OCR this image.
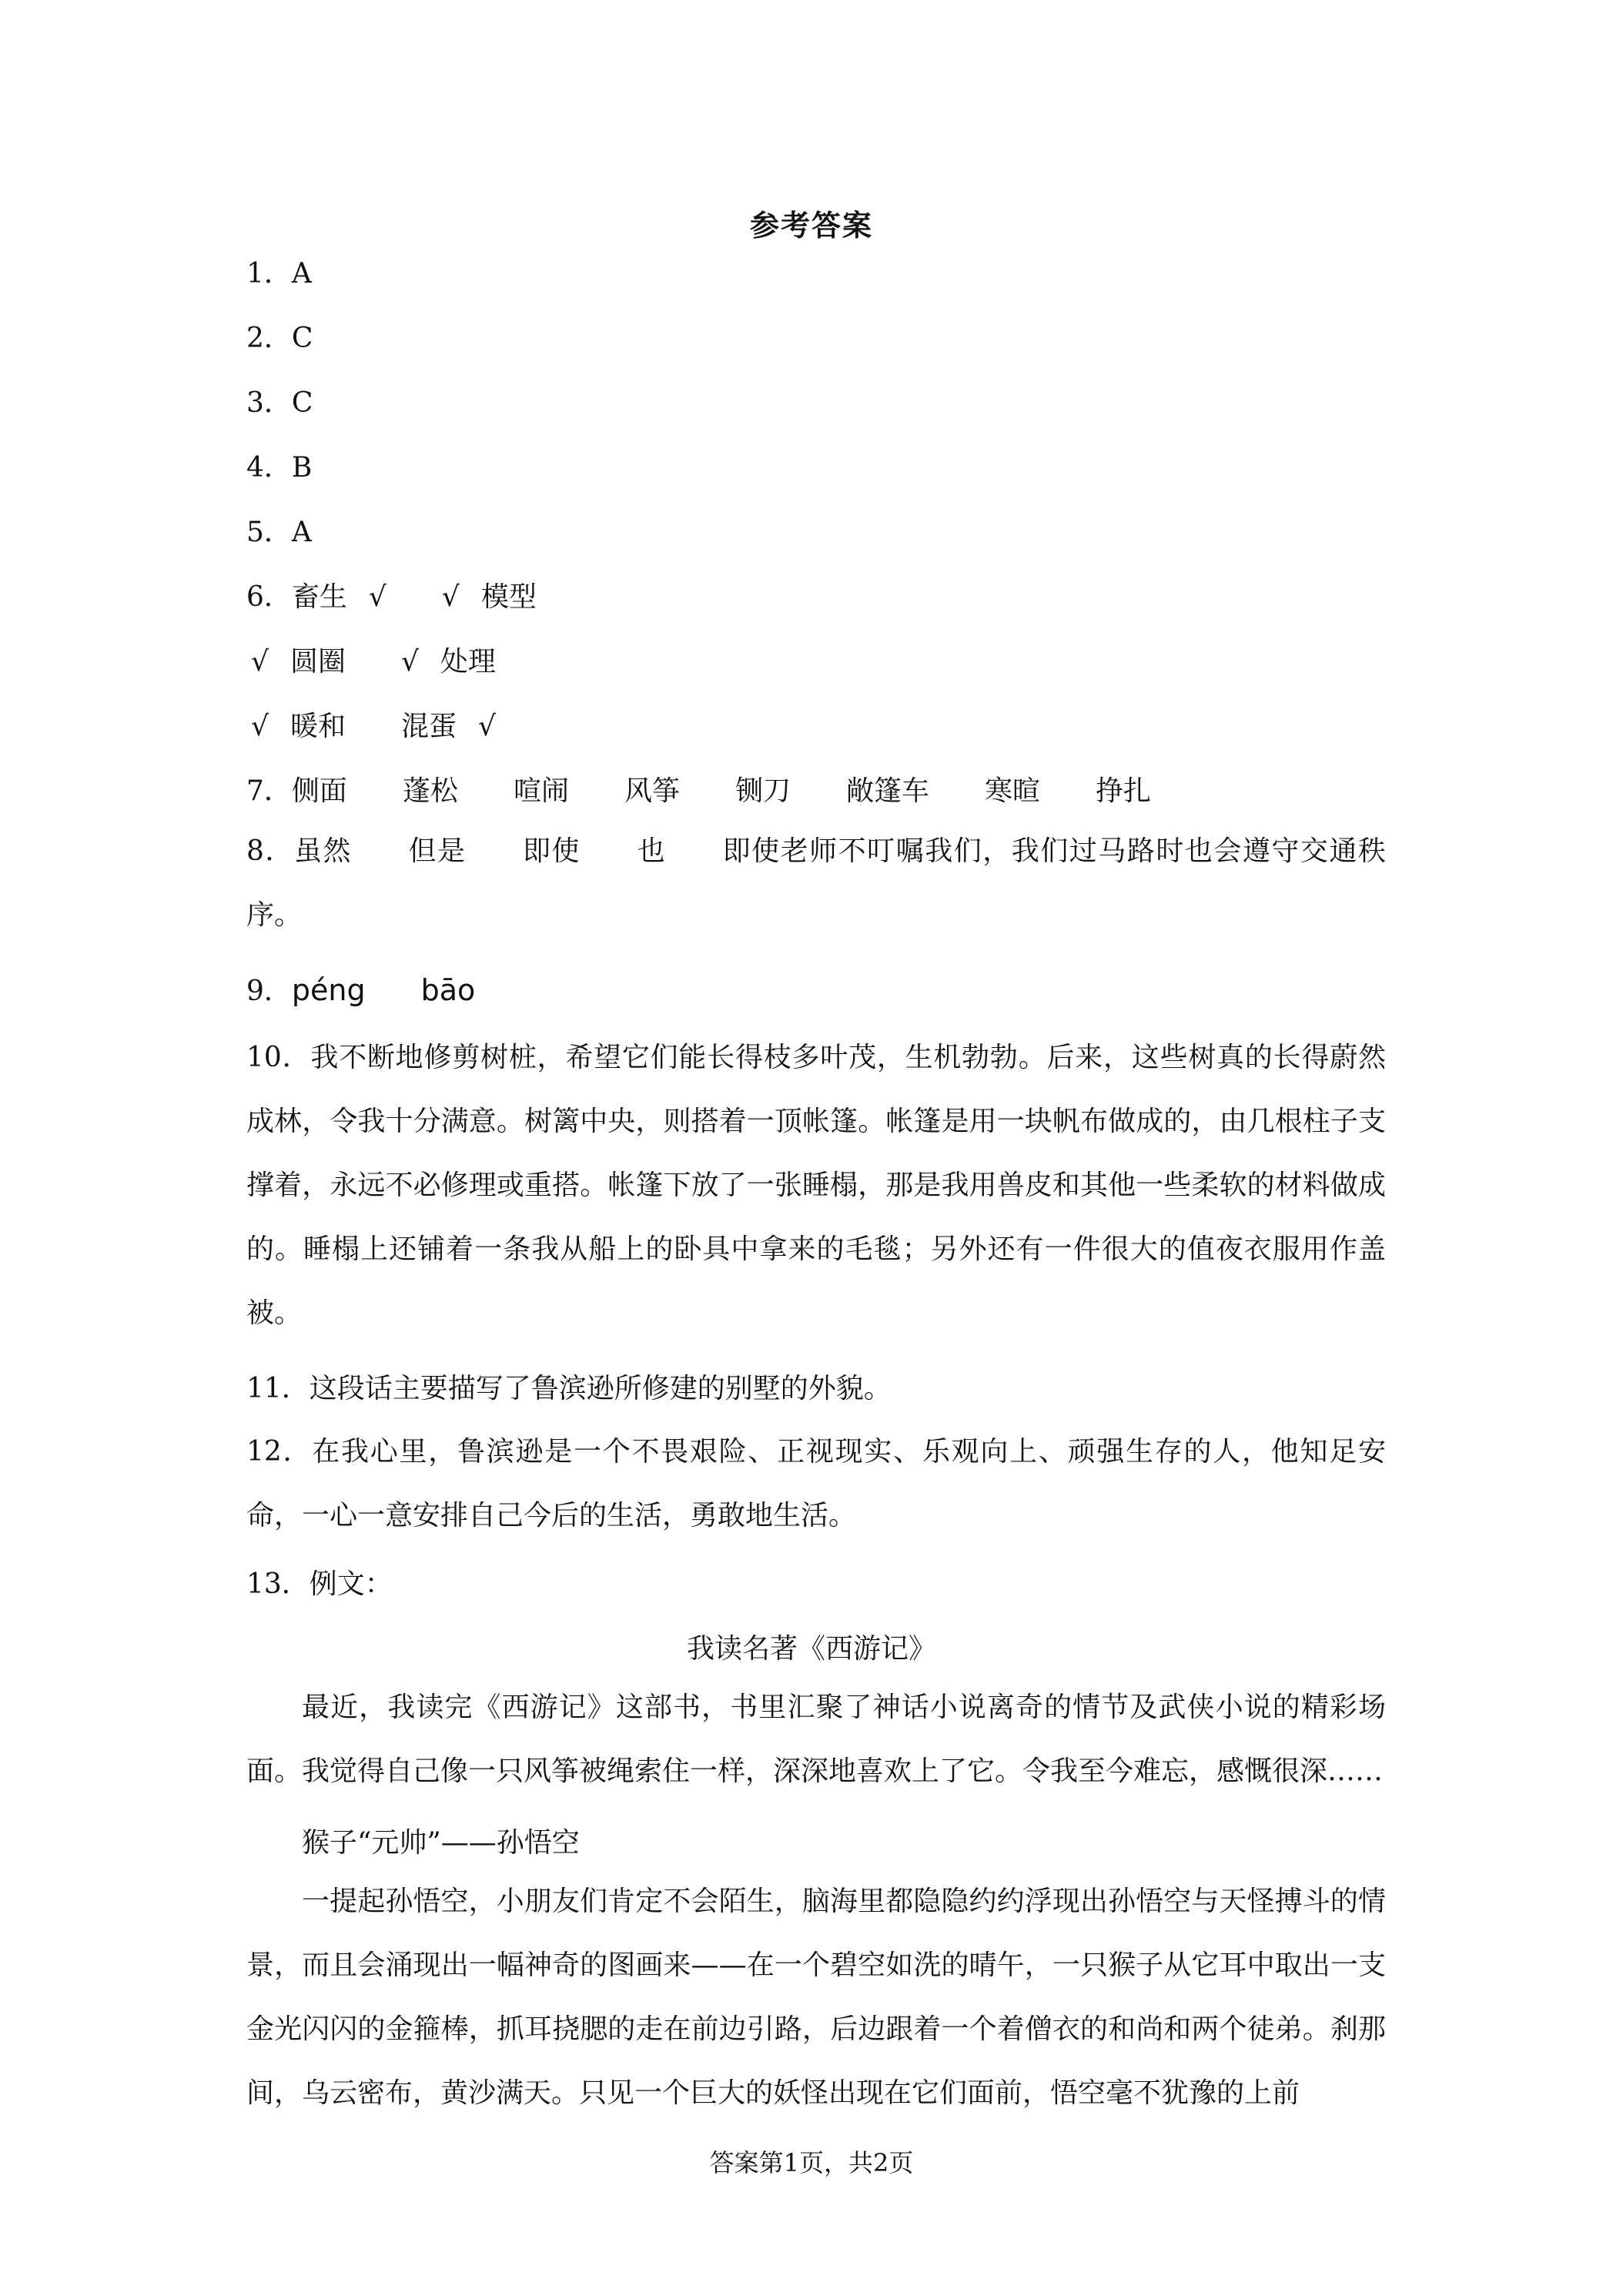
参考答案
1．A
2．C
3．C
4．B
5．A
6．畜生 √ √ 模型
√ 圆圈 √ 处理
√ 暖和 混蛋 √
7．侧面 蓬松 喧闹 风筝 铡刀 敞篷车 寒暄 挣扎
8．虽然 但是 即使 也 即使老师不叮嘱我们，我们过马路时也会遵守交通秩序。
9．péng bāo
10．我不断地修剪树桩，希望它们能长得枝多叶茂，生机勃勃。后来，这些树真的长得蔚然成林，令我十分满意。树篱中央，则搭着一顶帐篷。帐篷是用一块帆布做成的，由几根柱子支撑着，永远不必修理或重搭。帐篷下放了一张睡榻，那是我用兽皮和其他一些柔软的材料做成的。睡榻上还铺着一条我从船上的卧具中拿来的毛毯；另外还有一件很大的值夜衣服用作盖被。
11．这段话主要描写了鲁滨逊所修建的别墅的外貌。
12．在我心里，鲁滨逊是一个不畏艰险、正视现实、乐观向上、顽强生存的人，他知足安命，一心一意安排自己今后的生活，勇敢地生活。
13．例文：
我读名著《西游记》
最近，我读完《西游记》这部书，书里汇聚了神话小说离奇的情节及武侠小说的精彩场面。我觉得自己像一只风筝被绳索住一样，深深地喜欢上了它。令我至今难忘，感慨很深……
猴子“元帅”——孙悟空
一提起孙悟空，小朋友们肯定不会陌生，脑海里都隐隐约约浮现出孙悟空与天怪搏斗的情景，而且会涌现出一幅神奇的图画来——在一个碧空如洗的晴午，一只猴子从它耳中取出一支金光闪闪的金箍棒，抓耳挠腮的走在前边引路，后边跟着一个着僧衣的和尚和两个徒弟。刹那间，乌云密布，黄沙满天。只见一个巨大的妖怪出现在它们面前，悟空毫不犹豫的上前
答案第1页，共2页
